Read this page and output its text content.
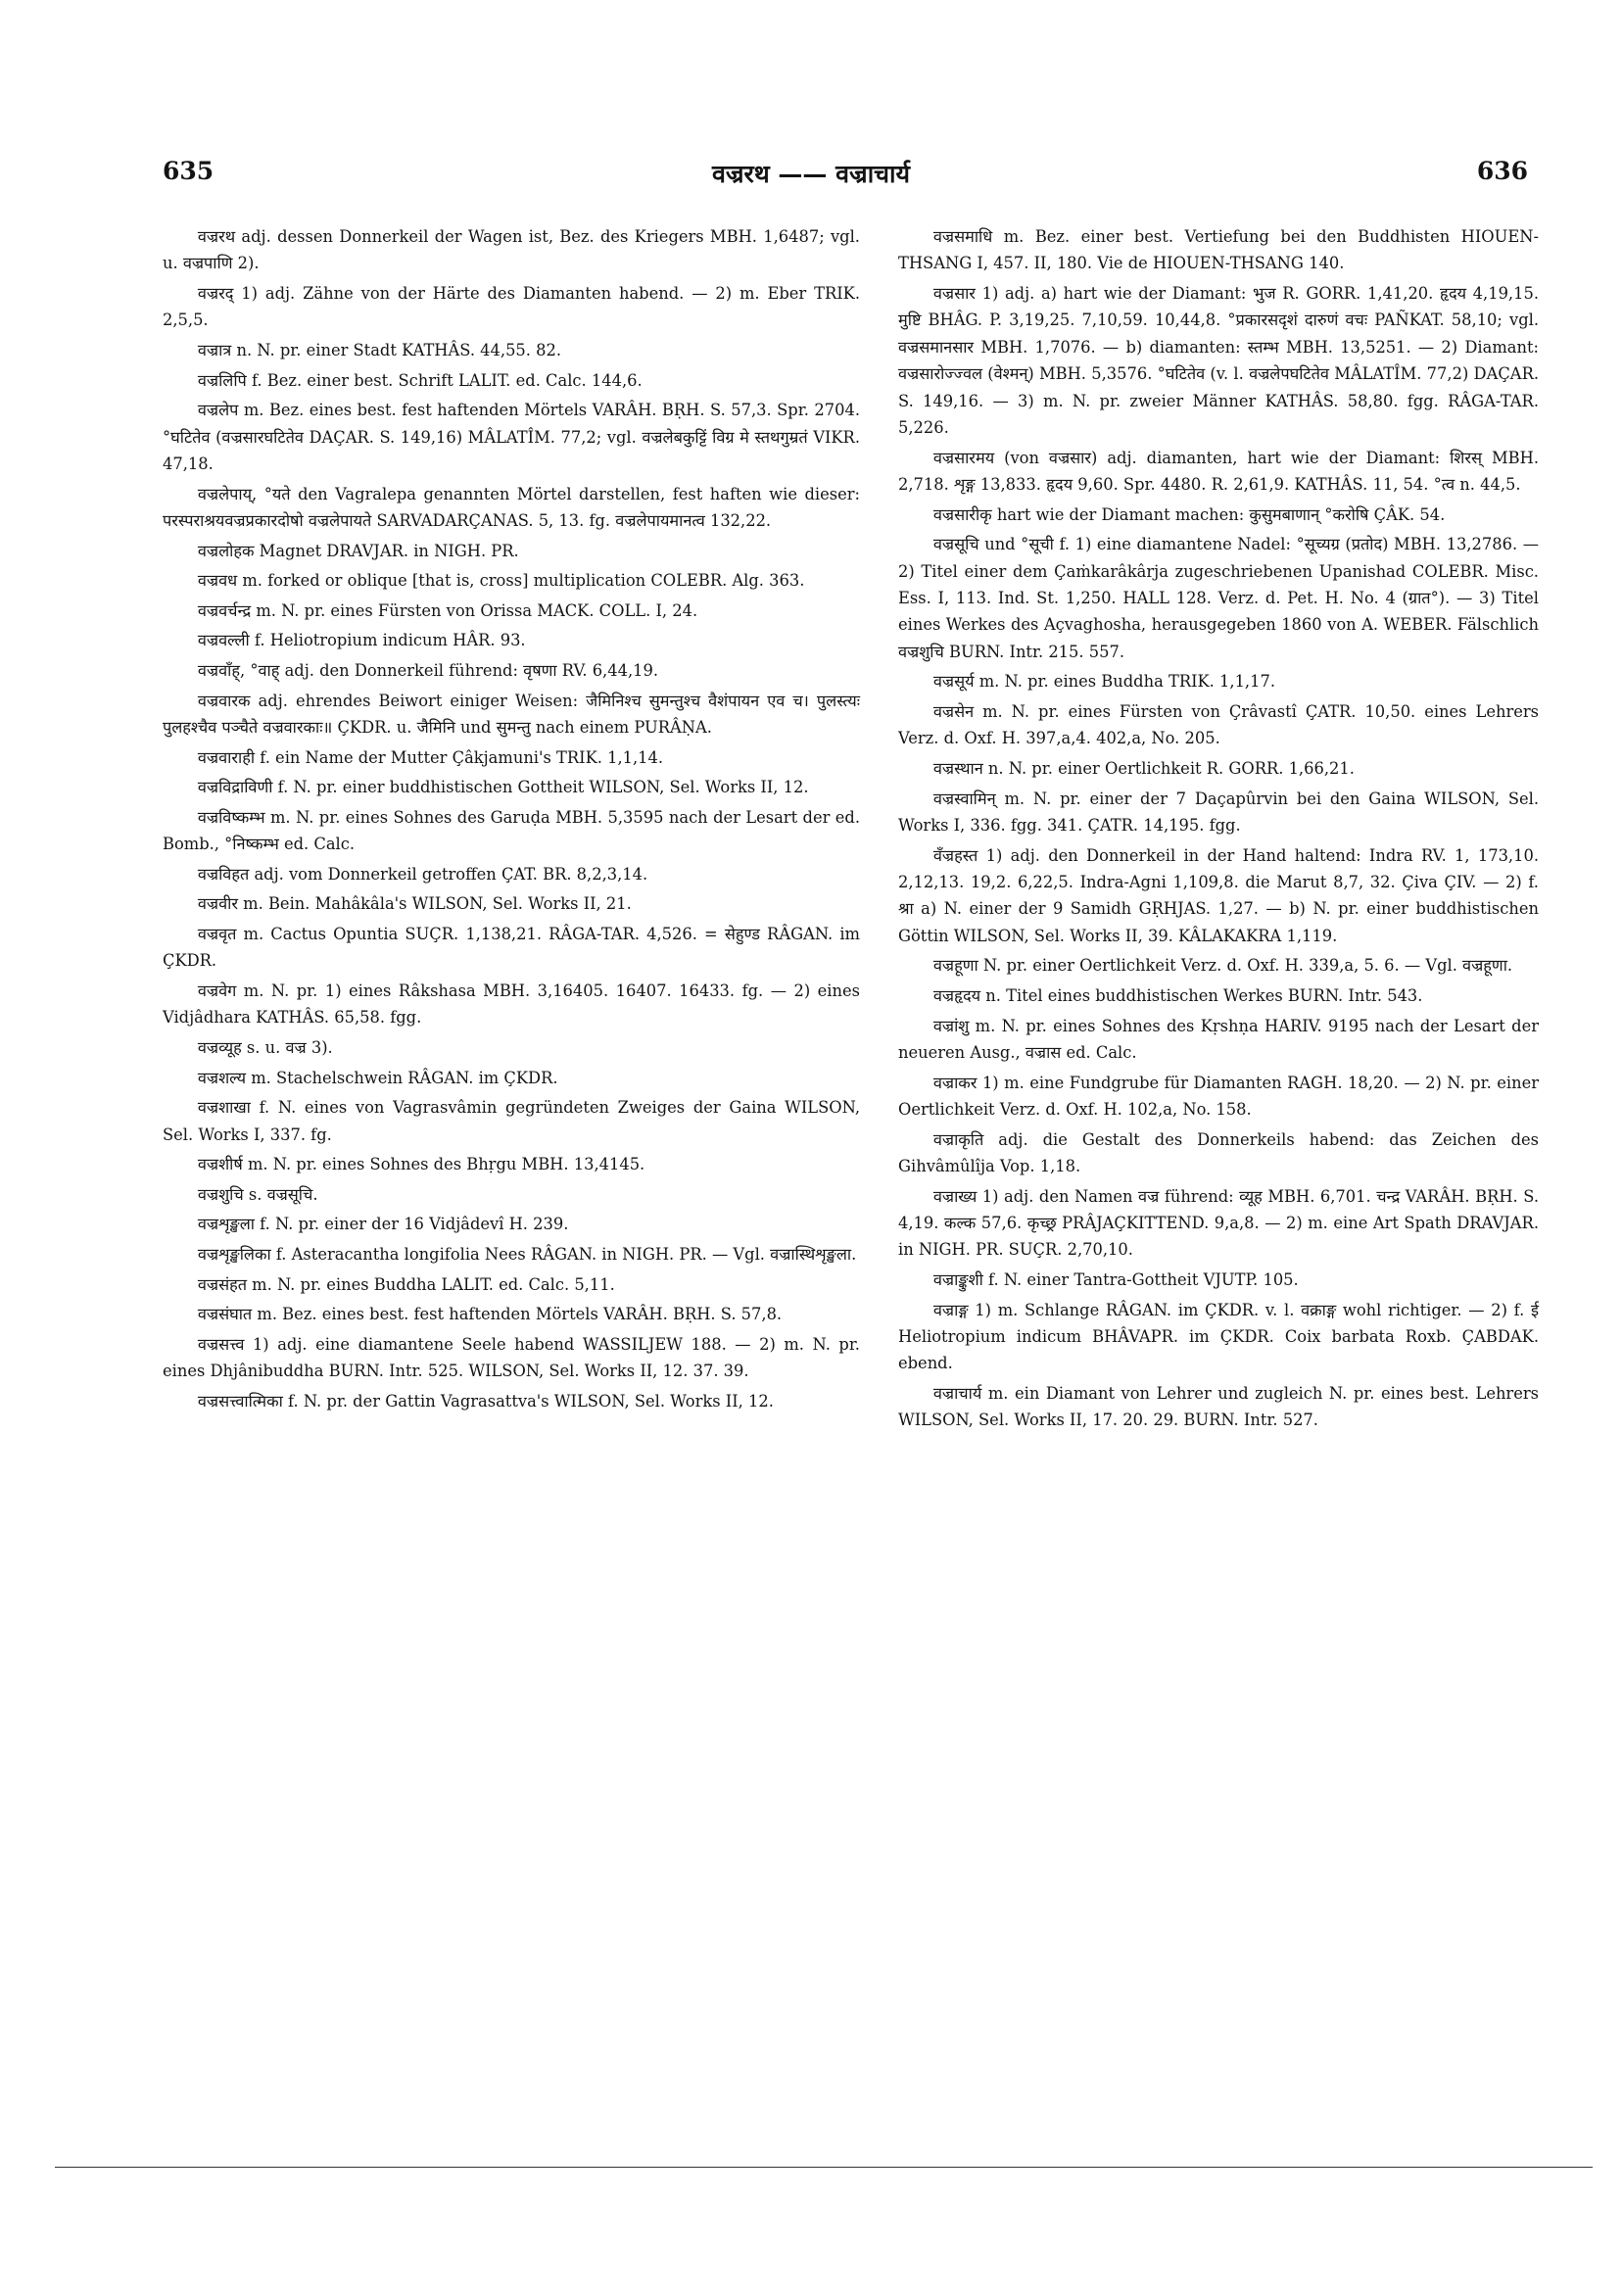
635	वज्ररथ —— वज्राचार्य	636

वज्ररथ adj. dessen Donnerkeil der Wagen ist, Bez. des Kriegers MBH. 1,6487; vgl. u. वज्रपाणि 2).

वज्ररद् 1) adj. Zähne von der Härte des Diamanten habend. — 2) m. Eber TRIK. 2,5,5.

वज्रात्र n. N. pr. einer Stadt KATHÂS. 44,55. 82.

वज्रलिपि f. Bez. einer best. Schrift LALIT. ed. Calc. 144,6.

वज्रलेप m. Bez. eines best. fest haftenden Mörtels VARÂH. BṚH. S. 57,3. Spr. 2704. °घटितेव (वज्रसारघटितेव DAÇAR. S. 149,16) MÂLATÎM. 77,2; vgl. वज्रलेबकुट्टिं विग्र मे स्तथगुम्रतं VIKR. 47,18.

वज्रलेपाय्, °यते den Vagralepa genannten Mörtel darstellen, fest haften wie dieser: परस्पराश्रयवज्रप्रकारदोषो वज्रलेपायते SARVADARÇANAS. 5, 13. fg. वज्रलेपायमानत्व 132,22.

वज्रलोहक Magnet DRAVJAR. in NIGH. PR.

वज्रवध m. forked or oblique [that is, cross] multiplication COLEBR. Alg. 363.

वज्रवर्चन्द्र m. N. pr. eines Fürsten von Orissa MACK. COLL. I, 24.

वज्रवल्ली f. Heliotropium indicum HÂR. 93.

वज्रवाँह्, °वाह् adj. den Donnerkeil führend: वृषणा RV. 6,44,19.

वज्रवारक adj. ehrendes Beiwort einiger Weisen: जैमिनिश्च सुमन्तुश्च वैशंपायन एव च। पुलस्त्यः पुलहश्चैव पञ्चैते वज्रवारकाः॥ ÇKDR. u. जैमिनि und सुमन्तु nach einem PURÂṆA.

वज्रवाराही f. ein Name der Mutter Çâkjamuni's TRIK. 1,1,14.

वज्रविद्राविणी f. N. pr. einer buddhistischen Gottheit WILSON, Sel. Works II, 12.

वज्रविष्कम्भ m. N. pr. eines Sohnes des Garuḍa MBH. 5,3595 nach der Lesart der ed. Bomb., °निष्कम्भ ed. Calc.

वज्रविहत adj. vom Donnerkeil getroffen ÇAT. BR. 8,2,3,14.

वज्रवीर m. Bein. Mahâkâla's WILSON, Sel. Works II, 21.

वज्रवृत m. Cactus Opuntia SUÇR. 1,138,21. RÂGA-TAR. 4,526. = सेहुण्ड RÂGAN. im ÇKDR.

वज्रवेग m. N. pr. 1) eines Râkshasa MBH. 3,16405. 16407. 16433. fg. — 2) eines Vidjâdhara KATHÂS. 65,58. fgg.

वज्रव्यूह s. u. वज्र 3).

वज्रशल्य m. Stachelschwein RÂGAN. im ÇKDR.

वज्रशाखा f. N. eines von Vagrasvâmin gegründeten Zweiges der Gaina WILSON, Sel. Works I, 337. fg.

वज्रशीर्ष m. N. pr. eines Sohnes des Bhṛgu MBH. 13,4145.

वज्रशुचि s. वज्रसूचि.

वज्रशृङ्खला f. N. pr. einer der 16 Vidjâdevî H. 239.

वज्रशृङ्खलिका f. Asteracantha longifolia Nees RÂGAN. in NIGH. PR. — Vgl. वज्रास्थिशृङ्खला.

वज्रसंहत m. N. pr. eines Buddha LALIT. ed. Calc. 5,11.

वज्रसंघात m. Bez. eines best. fest haftenden Mörtels VARÂH. BṚH. S. 57,8.

वज्रसत्त्व 1) adj. eine diamantene Seele habend WASSILJEW 188. — 2) m. N. pr. eines Dhjânibuddha BURN. Intr. 525. WILSON, Sel. Works II, 12. 37. 39.

वज्रसत्त्वात्मिका f. N. pr. der Gattin Vagrasattva's WILSON, Sel. Works II, 12.

वज्रसमाधि m. Bez. einer best. Vertiefung bei den Buddhisten HIOUEN-THSANG I, 457. II, 180. Vie de HIOUEN-THSANG 140.

वज्रसार 1) adj. a) hart wie der Diamant: भुज R. GORR. 1,41,20. हृदय 4,19,15. मुष्टि BHÂG. P. 3,19,25. 7,10,59. 10,44,8. °प्रकारसदृशं दारुणं वचः PAÑKAT. 58,10; vgl. वज्रसमानसार MBH. 1,7076. — b) diamanten: स्तम्भ MBH. 13,5251. — 2) Diamant: वज्रसारोज्ज्वल (वेश्मन्) MBH. 5,3576. °घटितेव (v. l. वज्रलेपघटितेव MÂLATÎM. 77,2) DAÇAR. S. 149,16. — 3) m. N. pr. zweier Männer KATHÂS. 58,80. fgg. RÂGA-TAR. 5,226.

वज्रसारमय (von वज्रसार) adj. diamanten, hart wie der Diamant: शिरस् MBH. 2,718. शृङ्ग 13,833. हृदय 9,60. Spr. 4480. R. 2,61,9. KATHÂS. 11, 54. °त्व n. 44,5.

वज्रसारीकृ hart wie der Diamant machen: कुसुमबाणान् °करोषि ÇÂK. 54.

वज्रसूचि und °सूची f. 1) eine diamantene Nadel: °सूच्यग्र (प्रतोद) MBH. 13,2786. — 2) Titel einer dem Çaṁkarâkârja zugeschriebenen Upanishad COLEBR. Misc. Ess. I, 113. Ind. St. 1,250. HALL 128. Verz. d. Pet. H. No. 4 (ग्रात°). — 3) Titel eines Werkes des Açvaghosha, herausgegeben 1860 von A. WEBER. Fälschlich वज्रशुचि BURN. Intr. 215. 557.

वज्रसूर्य m. N. pr. eines Buddha TRIK. 1,1,17.

वज्रसेन m. N. pr. eines Fürsten von Çrâvastî ÇATR. 10,50. eines Lehrers Verz. d. Oxf. H. 397,a,4. 402,a, No. 205.

वज्रस्थान n. N. pr. einer Oertlichkeit R. GORR. 1,66,21.

वज्रस्वामिन् m. N. pr. einer der 7 Daçapûrvin bei den Gaina WILSON, Sel. Works I, 336. fgg. 341. ÇATR. 14,195. fgg.

वँज्रहस्त 1) adj. den Donnerkeil in der Hand haltend: Indra RV. 1, 173,10. 2,12,13. 19,2. 6,22,5. Indra-Agni 1,109,8. die Marut 8,7, 32. Çiva ÇIV. — 2) f. श्रा a) N. einer der 9 Samidh GṚHJAS. 1,27. — b) N. pr. einer buddhistischen Göttin WILSON, Sel. Works II, 39. KÂLAKAKRA 1,119.

वज्रहूणा N. pr. einer Oertlichkeit Verz. d. Oxf. H. 339,a, 5. 6. — Vgl. वज्रहूणा.

वज्रहृदय n. Titel eines buddhistischen Werkes BURN. Intr. 543.

वज्रांशु m. N. pr. eines Sohnes des Kṛshṇa HARIV. 9195 nach der Lesart der neueren Ausg., वज्रास ed. Calc.

वज्राकर 1) m. eine Fundgrube für Diamanten RAGH. 18,20. — 2) N. pr. einer Oertlichkeit Verz. d. Oxf. H. 102,a, No. 158.

वज्राकृति adj. die Gestalt des Donnerkeils habend: das Zeichen des Gihvâmûlîja Vop. 1,18.

वज्राख्य 1) adj. den Namen वज्र führend: व्यूह MBH. 6,701. चन्द्र VARÂH. BṚH. S. 4,19. कल्क 57,6. कृच्छ्र PRÂJAÇKITTEND. 9,a,8. — 2) m. eine Art Spath DRAVJAR. in NIGH. PR. SUÇR. 2,70,10.

वज्राङ्कुशी f. N. einer Tantra-Gottheit VJUTP. 105.

वज्राङ्ग 1) m. Schlange RÂGAN. im ÇKDR. v. l. वक्राङ्ग wohl richtiger. — 2) f. ई Heliotropium indicum BHÂVAPR. im ÇKDR. Coix barbata Roxb. ÇABDAK. ebend.

वज्राचार्य m. ein Diamant von Lehrer und zugleich N. pr. eines best. Lehrers WILSON, Sel. Works II, 17. 20. 29. BURN. Intr. 527.
